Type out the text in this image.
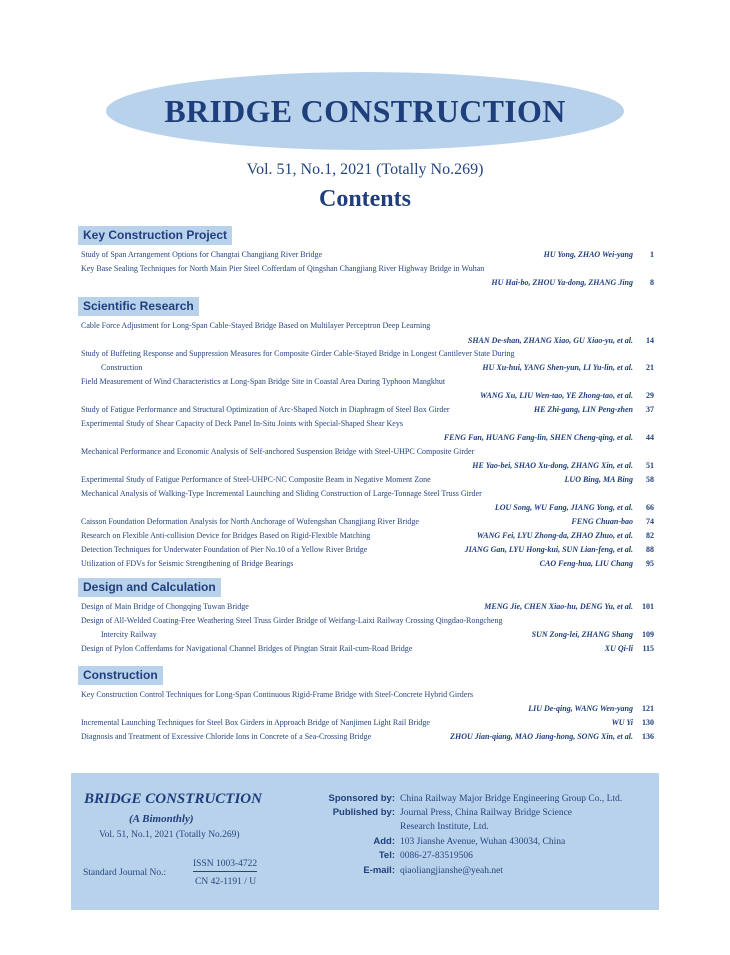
BRIDGE CONSTRUCTION
Vol. 51, No.1, 2021 (Totally No.269)
Contents
Key Construction Project
Study of Span Arrangement Options for Changtai Changjiang River Bridge	HU Yong, ZHAO Wei-yang	1
Key Base Sealing Techniques for North Main Pier Steel Cofferdam of Qingshan Changjiang River Highway Bridge in Wuhan
HU Hai-bo, ZHOU Ya-dong, ZHANG Jing	8
Scientific Research
Cable Force Adjustment for Long-Span Cable-Stayed Bridge Based on Multilayer Perceptron Deep Learning
SHAN De-shan, ZHANG Xiao, GU Xiao-yu, et al.	14
Study of Buffeting Response and Suppression Measures for Composite Girder Cable-Stayed Bridge in Longest Cantilever State During
Construction	HU Xu-hui, YANG Shen-yun, LI Yu-lin, et al.	21
Field Measurement of Wind Characteristics at Long-Span Bridge Site in Coastal Area During Typhoon Mangkhut
WANG Xu, LIU Wen-tao, YE Zhong-tao, et al.	29
Study of Fatigue Performance and Structural Optimization of Arc-Shaped Notch in Diaphragm of Steel Box Girder	HE Zhi-gang, LIN Peng-zhen	37
Experimental Study of Shear Capacity of Deck Panel In-Situ Joints with Special-Shaped Shear Keys
FENG Fan, HUANG Fang-lin, SHEN Cheng-qing, et al.	44
Mechanical Performance and Economic Analysis of Self-anchored Suspension Bridge with Steel-UHPC Composite Girder
HE Yao-bei, SHAO Xu-dong, ZHANG Xin, et al.	51
Experimental Study of Fatigue Performance of Steel-UHPC-NC Composite Beam in Negative Moment Zone	LUO Bing, MA Bing	58
Mechanical Analysis of Walking-Type Incremental Launching and Sliding Construction of Large-Tonnage Steel Truss Girder
LOU Song, WU Fang, JIANG Yong, et al.	66
Caisson Foundation Deformation Analysis for North Anchorage of Wufengshan Changjiang River Bridge	FENG Chuan-bao	74
Research on Flexible Anti-collision Device for Bridges Based on Rigid-Flexible Matching	WANG Fei, LYU Zhong-da, ZHAO Zhuo, et al.	82
Detection Techniques for Underwater Foundation of Pier No.10 of a Yellow River Bridge	JIANG Gan, LYU Hong-kui, SUN Lian-feng, et al.	88
Utilization of FDVs for Seismic Strengthening of Bridge Bearings	CAO Feng-hua, LIU Chang	95
Design and Calculation
Design of Main Bridge of Chongqing Tuwan Bridge	MENG Jie, CHEN Xiao-hu, DENG Yu, et al.	101
Design of All-Welded Coating-Free Weathering Steel Truss Girder Bridge of Weifang-Laixi Railway Crossing Qingdao-Rongcheng
Intercity Railway	SUN Zong-lei, ZHANG Shang	109
Design of Pylon Cofferdams for Navigational Channel Bridges of Pingtan Strait Rail-cum-Road Bridge	XU Qi-li	115
Construction
Key Construction Control Techniques for Long-Span Continuous Rigid-Frame Bridge with Steel-Concrete Hybrid Girders
LIU De-qing, WANG Wen-yang	121
Incremental Launching Techniques for Steel Box Girders in Approach Bridge of Nanjimen Light Rail Bridge	WU Yi	130
Diagnosis and Treatment of Excessive Chloride Ions in Concrete of a Sea-Crossing Bridge	ZHOU Jian-qiang, MAO Jiang-hong, SONG Xin, et al.	136
BRIDGE CONSTRUCTION
(A Bimonthly)
Vol. 51, No.1, 2021 (Totally No.269)
Standard Journal No.:
ISSN 1003-4722
CN 42-1191 / U
Sponsored by: China Railway Major Bridge Engineering Group Co., Ltd.
Published by: Journal Press, China Railway Bridge Science
Research Institute, Ltd.
Add: 103 Jianshe Avenue, Wuhan 430034, China
Tel: 0086-27-83519506
E-mail: qiaoliangjianshe@yeah.net
